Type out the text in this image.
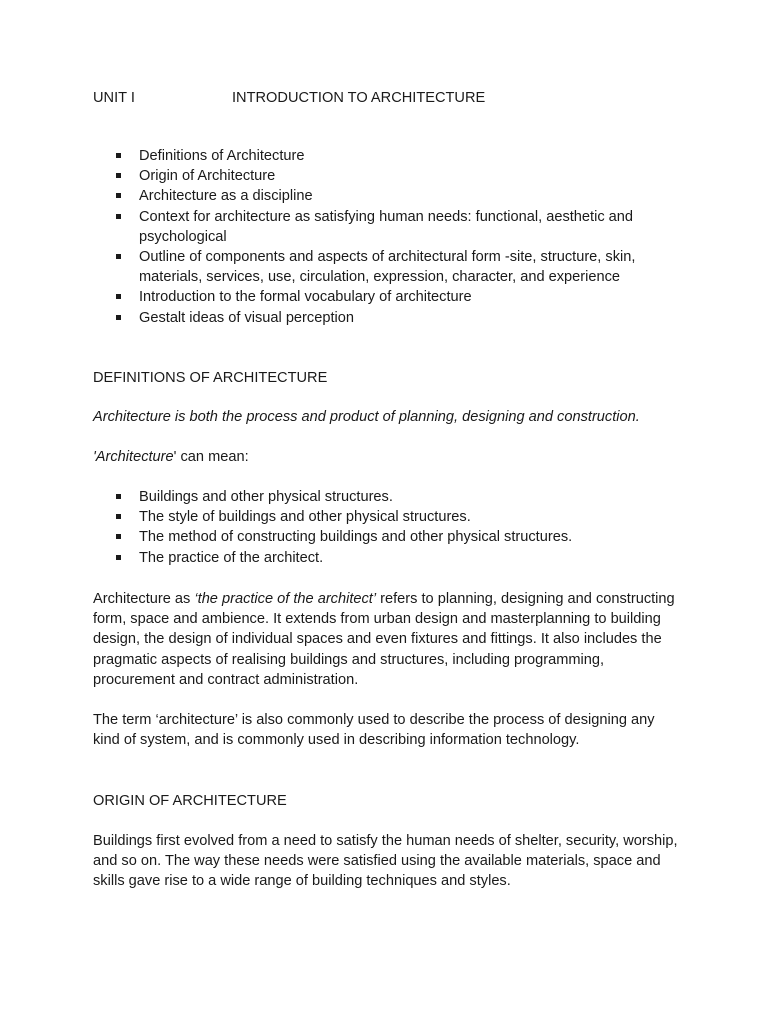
UNIT I	INTRODUCTION TO ARCHITECTURE
Definitions of Architecture
Origin of Architecture
Architecture as a discipline
Context for architecture as satisfying human needs: functional, aesthetic and psychological
Outline of components and aspects of architectural form -site, structure, skin, materials, services, use, circulation, expression, character, and experience
Introduction to the formal vocabulary of architecture
Gestalt ideas of visual perception

DEFINITIONS OF ARCHITECTURE

Architecture is both the process and product of planning, designing and construction.

'Architecture' can mean:

Buildings and other physical structures.
The style of buildings and other physical structures.
The method of constructing buildings and other physical structures.
The practice of the architect.

Architecture as ‘the practice of the architect’ refers to planning, designing and constructing form, space and ambience. It extends from urban design and masterplanning to building design, the design of individual spaces and even fixtures and fittings. It also includes the pragmatic aspects of realising buildings and structures, including programming, procurement and contract administration.

The term ‘architecture’ is also commonly used to describe the process of designing any kind of system, and is commonly used in describing information technology.

ORIGIN OF ARCHITECTURE

Buildings first evolved from a need to satisfy the human needs of shelter, security, worship, and so on. The way these needs were satisfied using the available materials, space and skills gave rise to a wide range of building techniques and styles.
